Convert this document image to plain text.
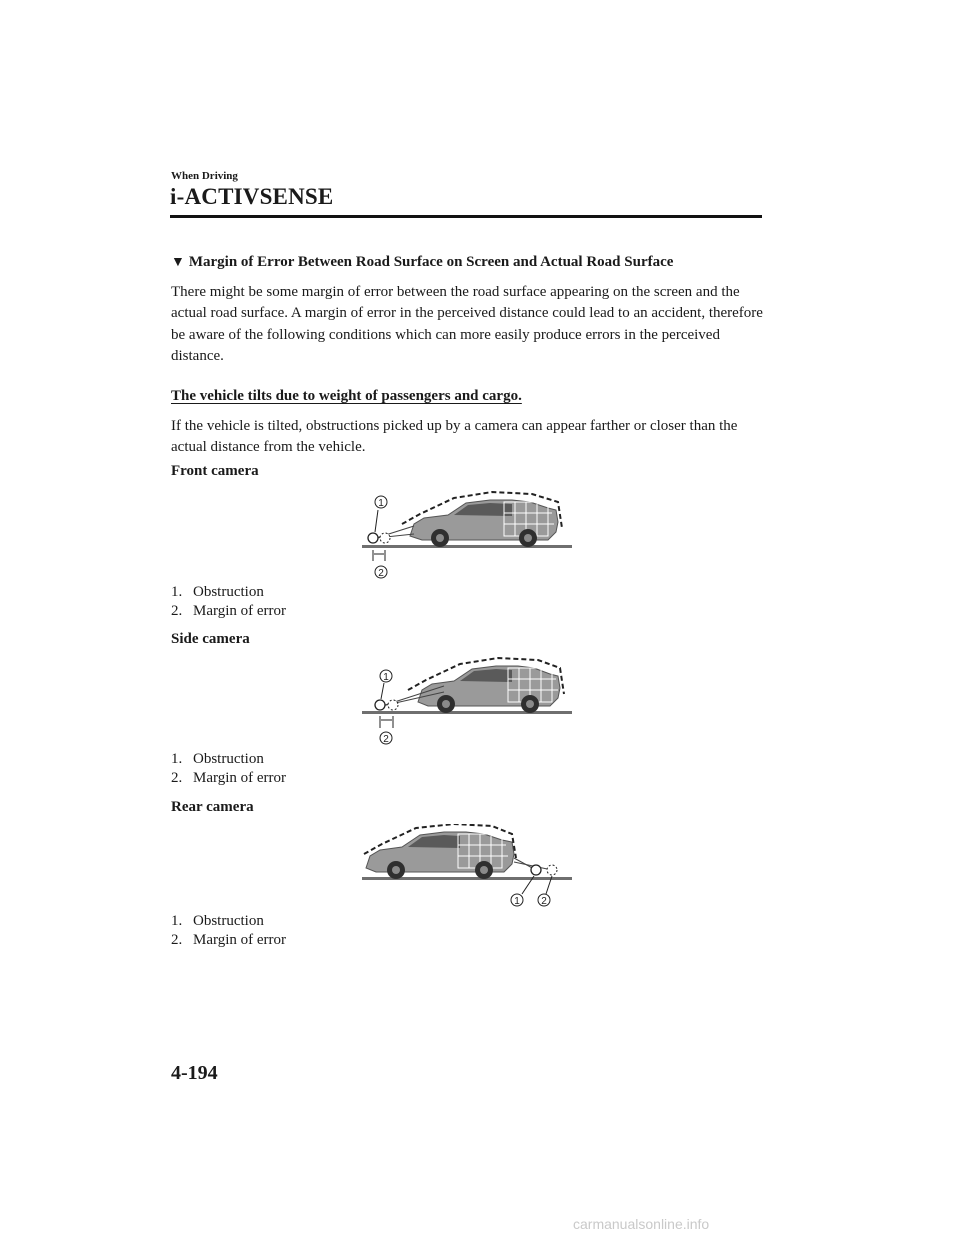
When Driving
i-ACTIVSENSE
▼ Margin of Error Between Road Surface on Screen and Actual Road Surface
There might be some margin of error between the road surface appearing on the screen and the actual road surface. A margin of error in the perceived distance could lead to an accident, therefore be aware of the following conditions which can more easily produce errors in the perceived distance.
The vehicle tilts due to weight of passengers and cargo.
If the vehicle is tilted, obstructions picked up by a camera can appear farther or closer than the actual distance from the vehicle.
Front camera
1
2
1. Obstruction
2. Margin of error
Side camera
1
2
1. Obstruction
2. Margin of error
Rear camera
1 2
1. Obstruction
2. Margin of error
4-194
carmanualsonline.info
